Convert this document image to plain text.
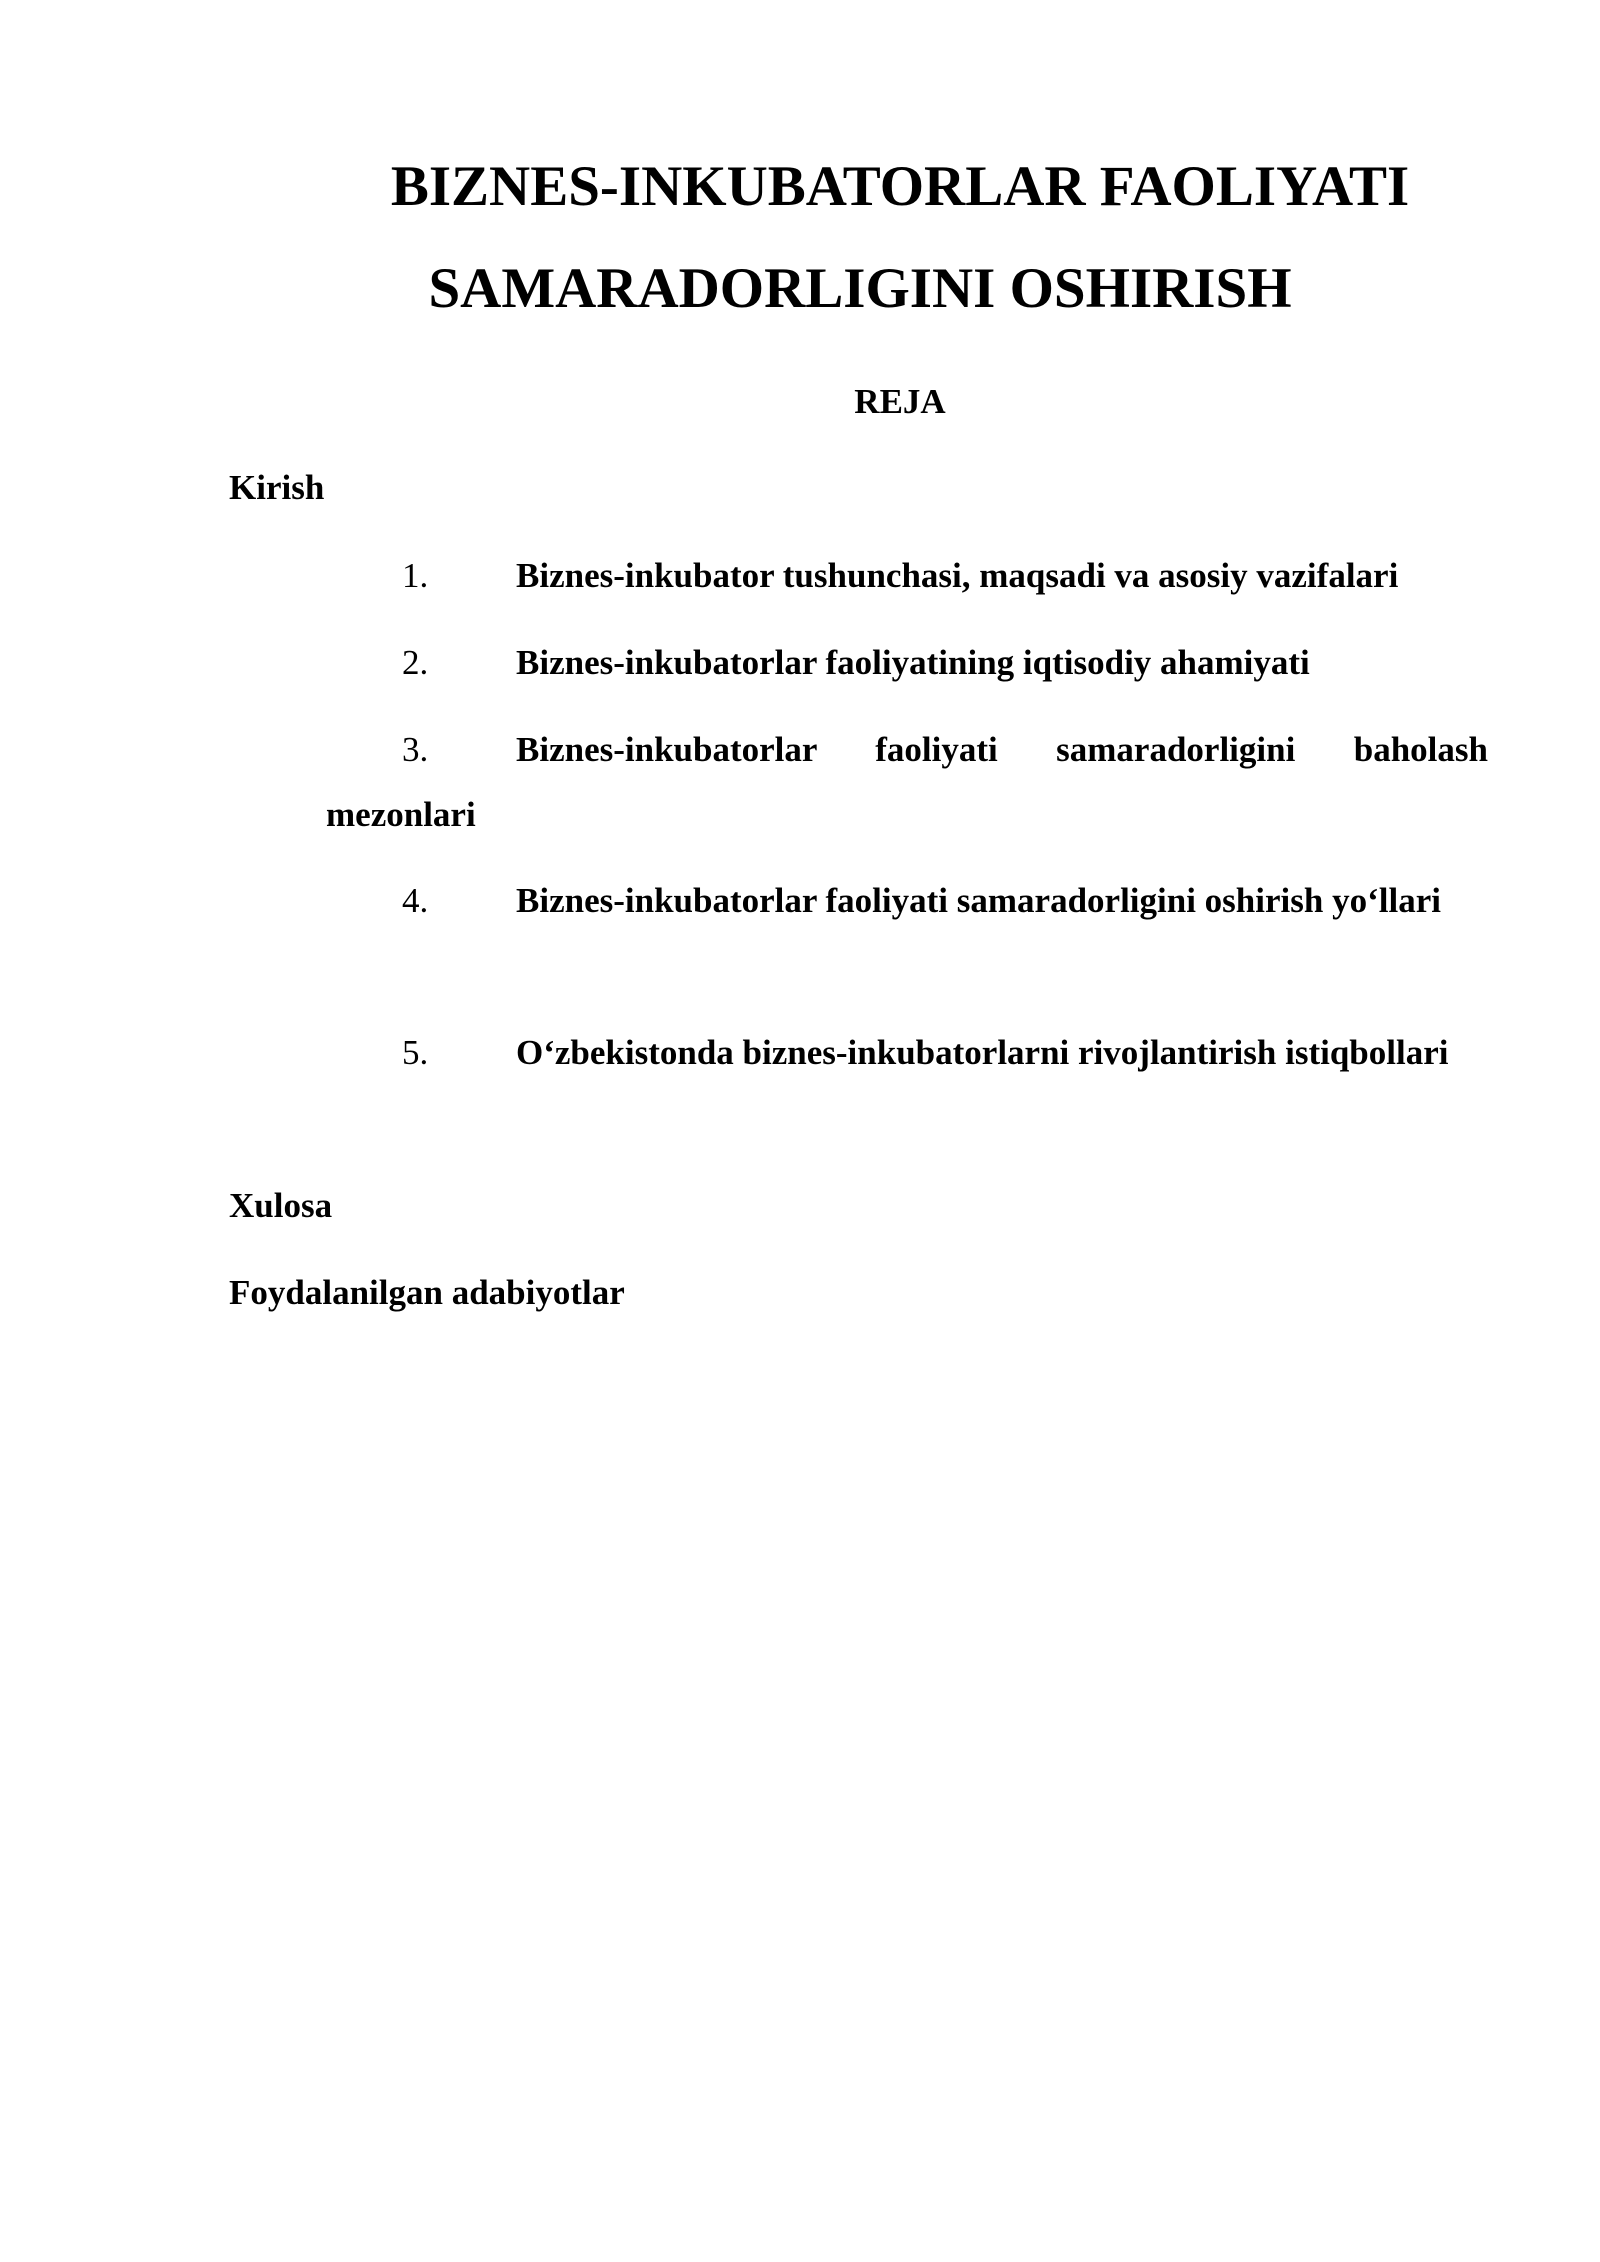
BIZNES-INKUBATORLAR FAOLIYATI
SAMARADORLIGINI OSHIRISH
REJA
Kirish
1.	Biznes-inkubator tushunchasi, maqsadi va asosiy vazifalari
2.	Biznes-inkubatorlar faoliyatining iqtisodiy ahamiyati
3.	Biznes-inkubatorlar faoliyati samaradorligini baholash mezonlari
4.	Biznes-inkubatorlar faoliyati samaradorligini oshirish yo‘llari
5.	O‘zbekistonda biznes-inkubatorlarni rivojlantirish istiqbollari
Xulosa
Foydalanilgan adabiyotlar
